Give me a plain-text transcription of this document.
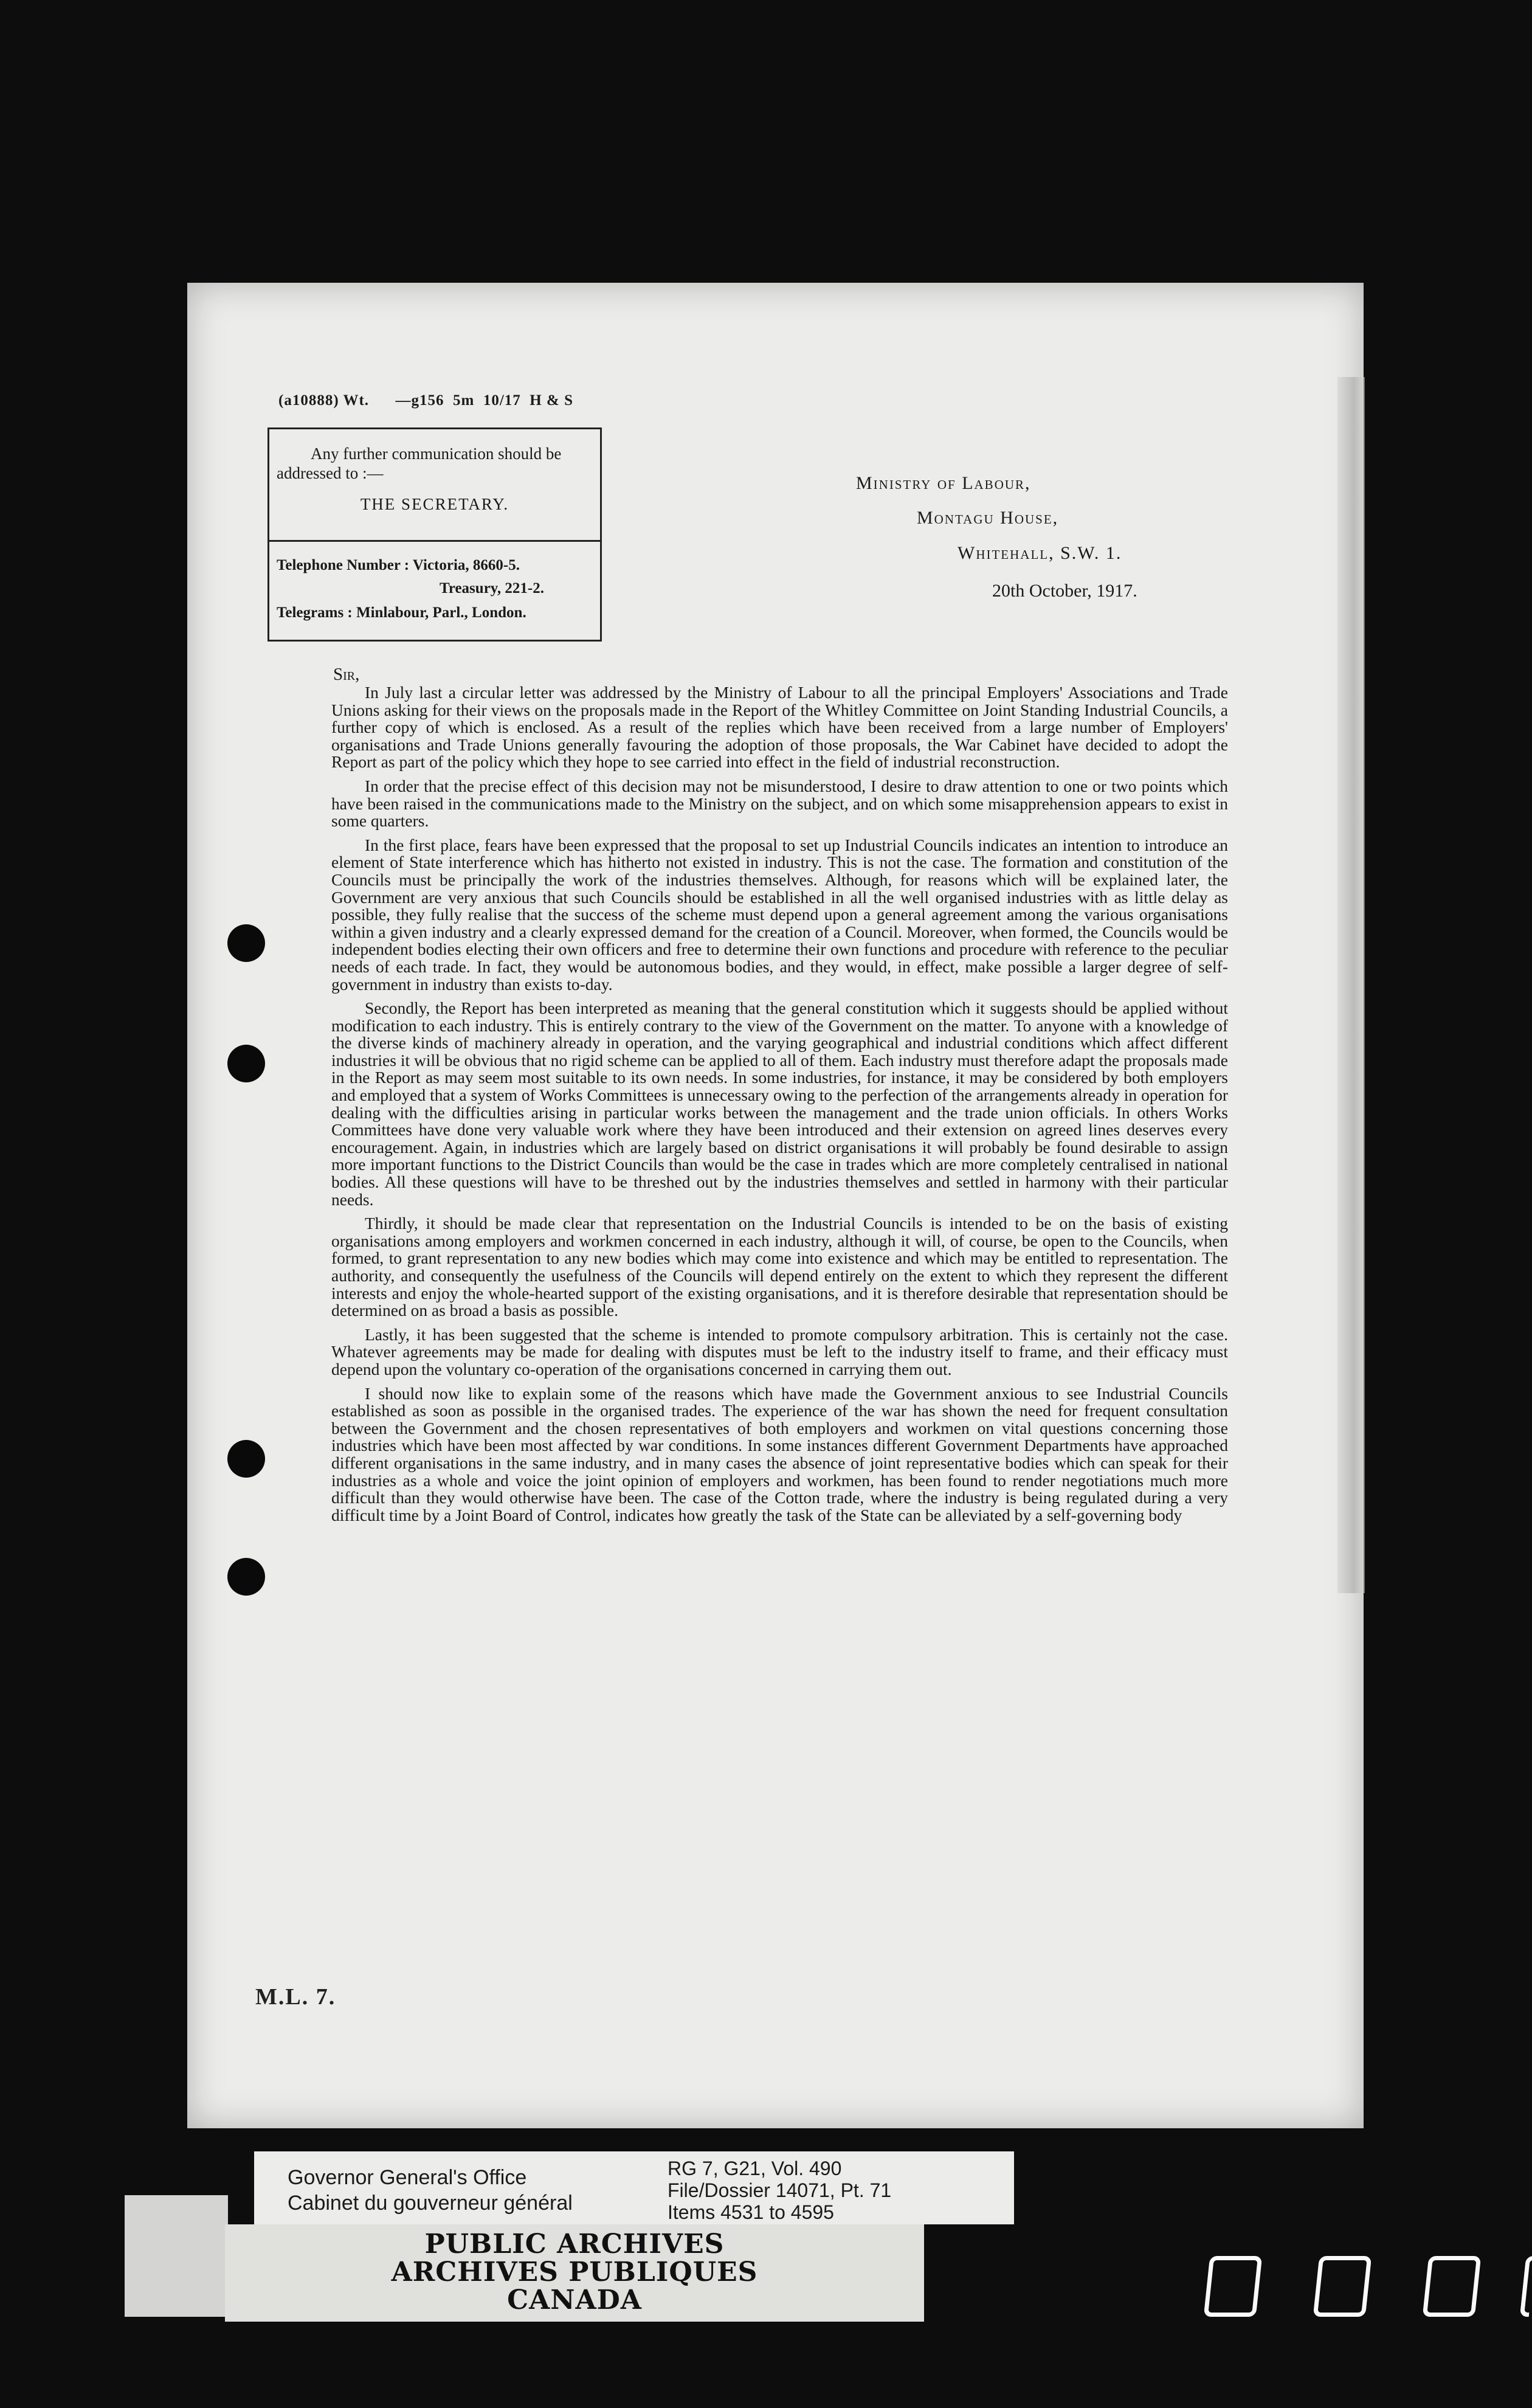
(a10888) Wt.      —g156  5m  10/17  H & S
Any further communication should be
addressed to :—
THE SECRETARY.
Telephone Number : Victoria, 8660-5.
Treasury, 221-2.
Telegrams : Minlabour, Parl., London.
Ministry of Labour,
Montagu House,
Whitehall, S.W. 1.
20th October, 1917.
Sir,

In July last a circular letter was addressed by the Ministry of Labour to all the principal Employers' Associations and Trade Unions asking for their views on the proposals made in the Report of the Whitley Committee on Joint Standing Industrial Councils, a further copy of which is enclosed. As a result of the replies which have been received from a large number of Employers' organisations and Trade Unions generally favouring the adoption of those proposals, the War Cabinet have decided to adopt the Report as part of the policy which they hope to see carried into effect in the field of industrial reconstruction.

In order that the precise effect of this decision may not be misunderstood, I desire to draw attention to one or two points which have been raised in the communications made to the Ministry on the subject, and on which some misapprehension appears to exist in some quarters.

In the first place, fears have been expressed that the proposal to set up Industrial Councils indicates an intention to introduce an element of State interference which has hitherto not existed in industry. This is not the case. The formation and constitution of the Councils must be principally the work of the industries themselves. Although, for reasons which will be explained later, the Government are very anxious that such Councils should be established in all the well organised industries with as little delay as possible, they fully realise that the success of the scheme must depend upon a general agreement among the various organisations within a given industry and a clearly expressed demand for the creation of a Council. Moreover, when formed, the Councils would be independent bodies electing their own officers and free to determine their own functions and procedure with reference to the peculiar needs of each trade. In fact, they would be autonomous bodies, and they would, in effect, make possible a larger degree of self-government in industry than exists to-day.

Secondly, the Report has been interpreted as meaning that the general constitution which it suggests should be applied without modification to each industry. This is entirely contrary to the view of the Government on the matter. To anyone with a knowledge of the diverse kinds of machinery already in operation, and the varying geographical and industrial conditions which affect different industries it will be obvious that no rigid scheme can be applied to all of them. Each industry must therefore adapt the proposals made in the Report as may seem most suitable to its own needs. In some industries, for instance, it may be considered by both employers and employed that a system of Works Committees is unnecessary owing to the perfection of the arrangements already in operation for dealing with the difficulties arising in particular works between the management and the trade union officials. In others Works Committees have done very valuable work where they have been introduced and their extension on agreed lines deserves every encouragement. Again, in industries which are largely based on district organisations it will probably be found desirable to assign more important functions to the District Councils than would be the case in trades which are more completely centralised in national bodies. All these questions will have to be threshed out by the industries themselves and settled in harmony with their particular needs.

Thirdly, it should be made clear that representation on the Industrial Councils is intended to be on the basis of existing organisations among employers and workmen concerned in each industry, although it will, of course, be open to the Councils, when formed, to grant representation to any new bodies which may come into existence and which may be entitled to representation. The authority, and consequently the usefulness of the Councils will depend entirely on the extent to which they represent the different interests and enjoy the whole-hearted support of the existing organisations, and it is therefore desirable that representation should be determined on as broad a basis as possible.

Lastly, it has been suggested that the scheme is intended to promote compulsory arbitration. This is certainly not the case. Whatever agreements may be made for dealing with disputes must be left to the industry itself to frame, and their efficacy must depend upon the voluntary co-operation of the organisations concerned in carrying them out.

I should now like to explain some of the reasons which have made the Government anxious to see Industrial Councils established as soon as possible in the organised trades. The experience of the war has shown the need for frequent consultation between the Government and the chosen representatives of both employers and workmen on vital questions concerning those industries which have been most affected by war conditions. In some instances different Government Departments have approached different organisations in the same industry, and in many cases the absence of joint representative bodies which can speak for their industries as a whole and voice the joint opinion of employers and workmen, has been found to render negotiations much more difficult than they would otherwise have been. The case of the Cotton trade, where the industry is being regulated during a very difficult time by a Joint Board of Control, indicates how greatly the task of the State can be alleviated by a self-governing body

M.L. 7.
Governor General's Office
Cabinet du gouverneur général
RG 7, G21, Vol. 490
File/Dossier 14071, Pt. 71
Items 4531 to 4595
PUBLIC ARCHIVES
ARCHIVES PUBLIQUES
CANADA
